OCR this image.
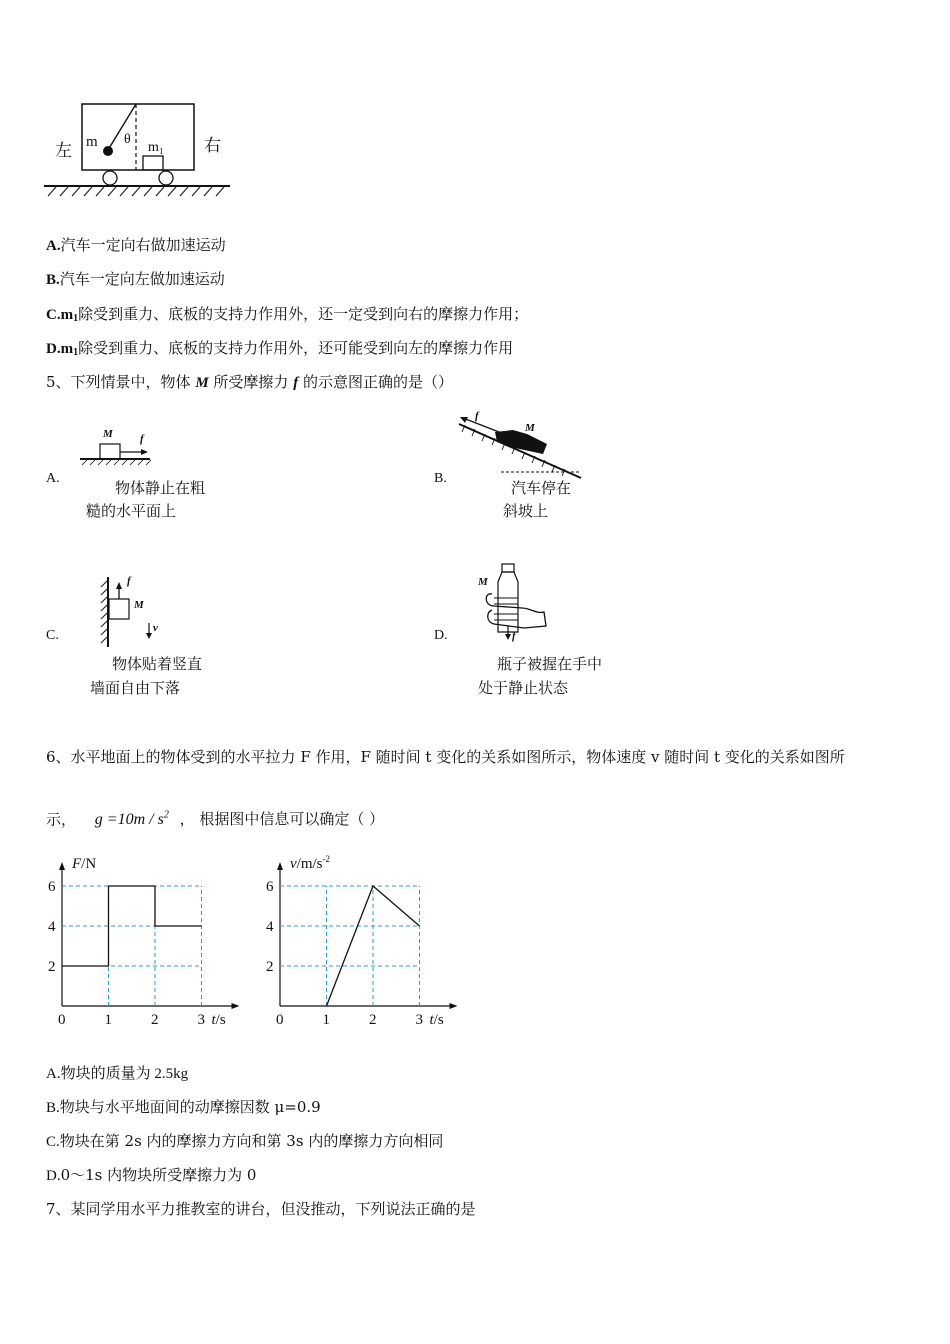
左	右
m θ
m₁
A.汽车一定向右做加速运动
B.汽车一定向左做加速运动
$C.m_1$除受到重力、底板的支持力作用外，还一定受到向右的摩擦力作用；
$D.m_1$除受到重力、底板的支持力作用外，还可能受到向左的摩擦力作用
5、下列情景中，物体 M 所受摩擦力 f 的示意图正确的是（）
A.
M f
物体静止在粗
糙的水平面上
B.
f
M
汽车停在
斜坡上
C.
f
M
v
物体贴着竖直
墙面自由下落
D.
M
f
瓶子被握在手中
处于静止状态
6、水平地面上的物体受到的水平拉力 F 作用，F 随时间 t 变化的关系如图所示，物体速度 v 随时间 t 变化的关系如图所
示， $g =10m / s^2$ ， 根据图中信息可以确定（ ）
0	1	2	3
2
4
6
F/N
t/s	0	1	2	3
2
4
6
$v/m/s^{-2}$
t/s
A.物块的质量为 2.5kg
B.物块与水平地面间的动摩擦因数 μ=0.9
C.物块在第 2s 内的摩擦力方向和第 3s 内的摩擦力方向相同
D.0～1s 内物块所受摩擦力为 0
7、某同学用水平力推教室的讲台，但没推动，下列说法正确的是
